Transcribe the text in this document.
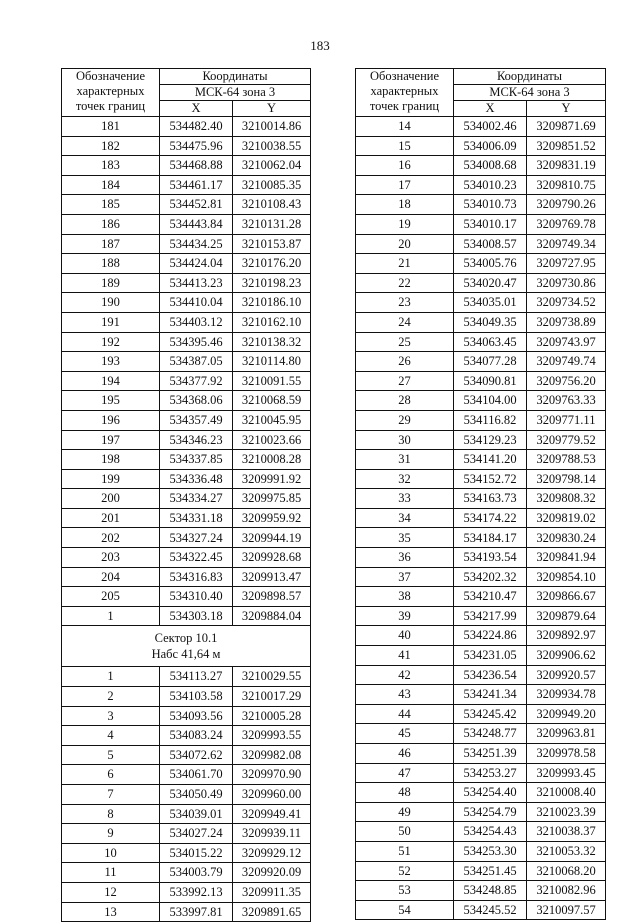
183
Обозначение
характерных
точек границ	Координаты	
	МСК-64 зона 3	
	X	Y
181	534482.40	3210014.86
182	534475.96	3210038.55
183	534468.88	3210062.04
184	534461.17	3210085.35
185	534452.81	3210108.43
186	534443.84	3210131.28
187	534434.25	3210153.87
188	534424.04	3210176.20
189	534413.23	3210198.23
190	534410.04	3210186.10
191	534403.12	3210162.10
192	534395.46	3210138.32
193	534387.05	3210114.80
194	534377.92	3210091.55
195	534368.06	3210068.59
196	534357.49	3210045.95
197	534346.23	3210023.66
198	534337.85	3210008.28
199	534336.48	3209991.92
200	534334.27	3209975.85
201	534331.18	3209959.92
202	534327.24	3209944.19
203	534322.45	3209928.68
204	534316.83	3209913.47
205	534310.40	3209898.57
1	534303.18	3209884.04

Сектор 10.1
Набс 41,64 м		

1	534113.27	3210029.55
2	534103.58	3210017.29
3	534093.56	3210005.28
4	534083.24	3209993.55
5	534072.62	3209982.08
6	534061.70	3209970.90
7	534050.49	3209960.00
8	534039.01	3209949.41
9	534027.24	3209939.11
10	534015.22	3209929.12
11	534003.79	3209920.09
12	533992.13	3209911.35
13	533997.81	3209891.65
Обозначение
характерных
точек границ	Координаты	
	МСК-64 зона 3	
	X	Y
14	534002.46	3209871.69
15	534006.09	3209851.52
16	534008.68	3209831.19
17	534010.23	3209810.75
18	534010.73	3209790.26
19	534010.17	3209769.78
20	534008.57	3209749.34
21	534005.76	3209727.95
22	534020.47	3209730.86
23	534035.01	3209734.52
24	534049.35	3209738.89
25	534063.45	3209743.97
26	534077.28	3209749.74
27	534090.81	3209756.20
28	534104.00	3209763.33
29	534116.82	3209771.11
30	534129.23	3209779.52
31	534141.20	3209788.53
32	534152.72	3209798.14
33	534163.73	3209808.32
34	534174.22	3209819.02
35	534184.17	3209830.24
36	534193.54	3209841.94
37	534202.32	3209854.10
38	534210.47	3209866.67
39	534217.99	3209879.64
40	534224.86	3209892.97
41	534231.05	3209906.62
42	534236.54	3209920.57
43	534241.34	3209934.78
44	534245.42	3209949.20
45	534248.77	3209963.81
46	534251.39	3209978.58
47	534253.27	3209993.45
48	534254.40	3210008.40
49	534254.79	3210023.39
50	534254.43	3210038.37
51	534253.30	3210053.32
52	534251.45	3210068.20
53	534248.85	3210082.96
54	534245.52	3210097.57
